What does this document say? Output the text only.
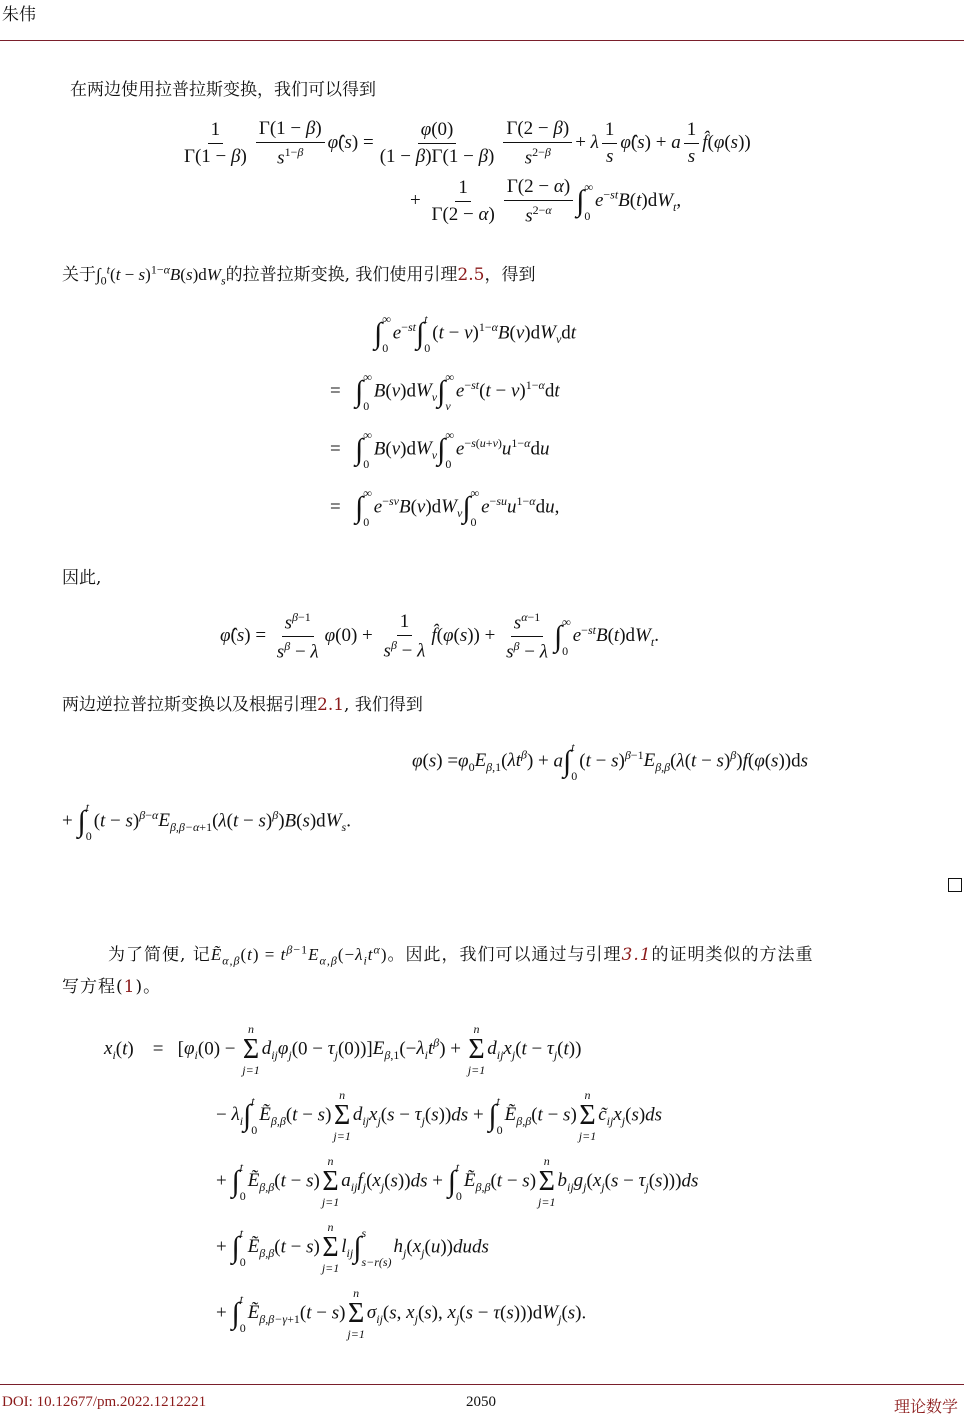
朱伟
DOI: 10.12677/pm.2022.1212221	2050	理论数学
在两边使用拉普拉斯变换，我们可以得到
$\frac{1}{\Gamma(1 - \beta)} \frac{\Gamma(1 - \beta)}{s^{1-\beta}}$ φ̂(s) = $\frac{\varphi(0)}{(1 - \beta)\Gamma(1 - \beta)} \frac{\Gamma(2 - \beta)}{s^{2-\beta}} + \lambda \frac{1}{s}$ φ̂(s) + a $\frac{1}{s}$ f̂(φ(s))
+ $\frac{1}{\Gamma(2 - \alpha)} \frac{\Gamma(2 - \alpha)}{s^{2-\alpha}}$ ∫ ∞
0
$e^{-st}B(t)dW_t$,
关于$\int_0^t(t - s)^{1-\alpha}B(s)dW_s$的拉普拉斯变换, 我们使用引理2.5，得到
∫ ∞
0
$e^{-st}\int$ t
0
$(t - v)^{1-\alpha}B(v)dW_vdt$
=   ∫ ∞
0
$B(v)dW_v\int$ ∞
v
$e^{-st}(t - v)^{1-\alpha}dt$
=   ∫ ∞
0
$B(v)dW_v\int$ ∞
0
$e^{-s(u+v)}u^{1-\alpha}du$
=   ∫ ∞
0
$e^{-sv}B(v)dW_v\int$ ∞
0
$e^{-su}u^{1-\alpha}du$,
因此,
φ̂(s) = $\frac{s^{\beta-1}}{s^\beta - \lambda} \varphi(0) + \frac{1}{s^\beta - \lambda}$ f̂(φ(s)) + $\frac{s^{\alpha-1}}{s^\beta - \lambda}$ ∫ ∞
0
$e^{-st}B(t)dW_t$.
两边逆拉普拉斯变换以及根据引理2.1, 我们得到
$\varphi(s) =\varphi_0E_{\beta,1}(\lambda t^\beta) + a\int$ t
0
$(t - s)^{\beta-1}E_{\beta,\beta}(\lambda(t - s)^\beta)f(\varphi(s))ds$
+ ∫ t
0
$(t - s)^{\beta-\alpha}E_{\beta,\beta-\alpha+1}(\lambda(t - s)^\beta)B(s)dW_s$.
为了简便, 记Ẽ$_{\alpha,\beta}$(t) = $t^{\beta-1}E_{\alpha,\beta}(-\lambda_it^\alpha)$。因此，我们可以通过与引理3.1的证明类似的方法重
写方程(1)。
$x_i(t)$    =   [$\varphi_i(0)$ −
n
Σ
j=1
$d_{ij}\varphi_j(0 - \tau_j(0))]E_{\beta,1}(-\lambda_it^\beta)$ +
n
Σ
j=1
$d_{ij}x_j(t - \tau_j(t))$
− $\lambda_i\int$ t
0
Ẽ$_{\beta,\beta}$(t − s)
n
Σ
j=1
$d_{ij}x_j(s - \tau_j(s))ds$ + ∫ t
0
Ẽ$_{\beta,\beta}$(t − s)
n
Σ
j=1
$c̃_{ij}x_j(s)ds$
+ ∫ t
0
Ẽ$_{\beta,\beta}$(t − s)
n
Σ
j=1
$a_{ij}f_j(x_j(s))ds$ + ∫ t
0
Ẽ$_{\beta,\beta}$(t − s)
n
Σ
j=1
$b_{ij}g_j(x_j(s - \tau_j(s)))ds$
+ ∫ t
0
Ẽ$_{\beta,\beta}$(t − s)
n
Σ
j=1
$l_{ij}\int$ s
s−r(s)
$h_j(x_j(u))duds$
+ ∫ t
0
Ẽ$_{\beta,\beta-\gamma+1}$(t − s)
n
Σ
j=1
$\sigma_{ij}(s$, $x_j(s)$, $x_j(s - \tau(s)))dW_j(s)$.
